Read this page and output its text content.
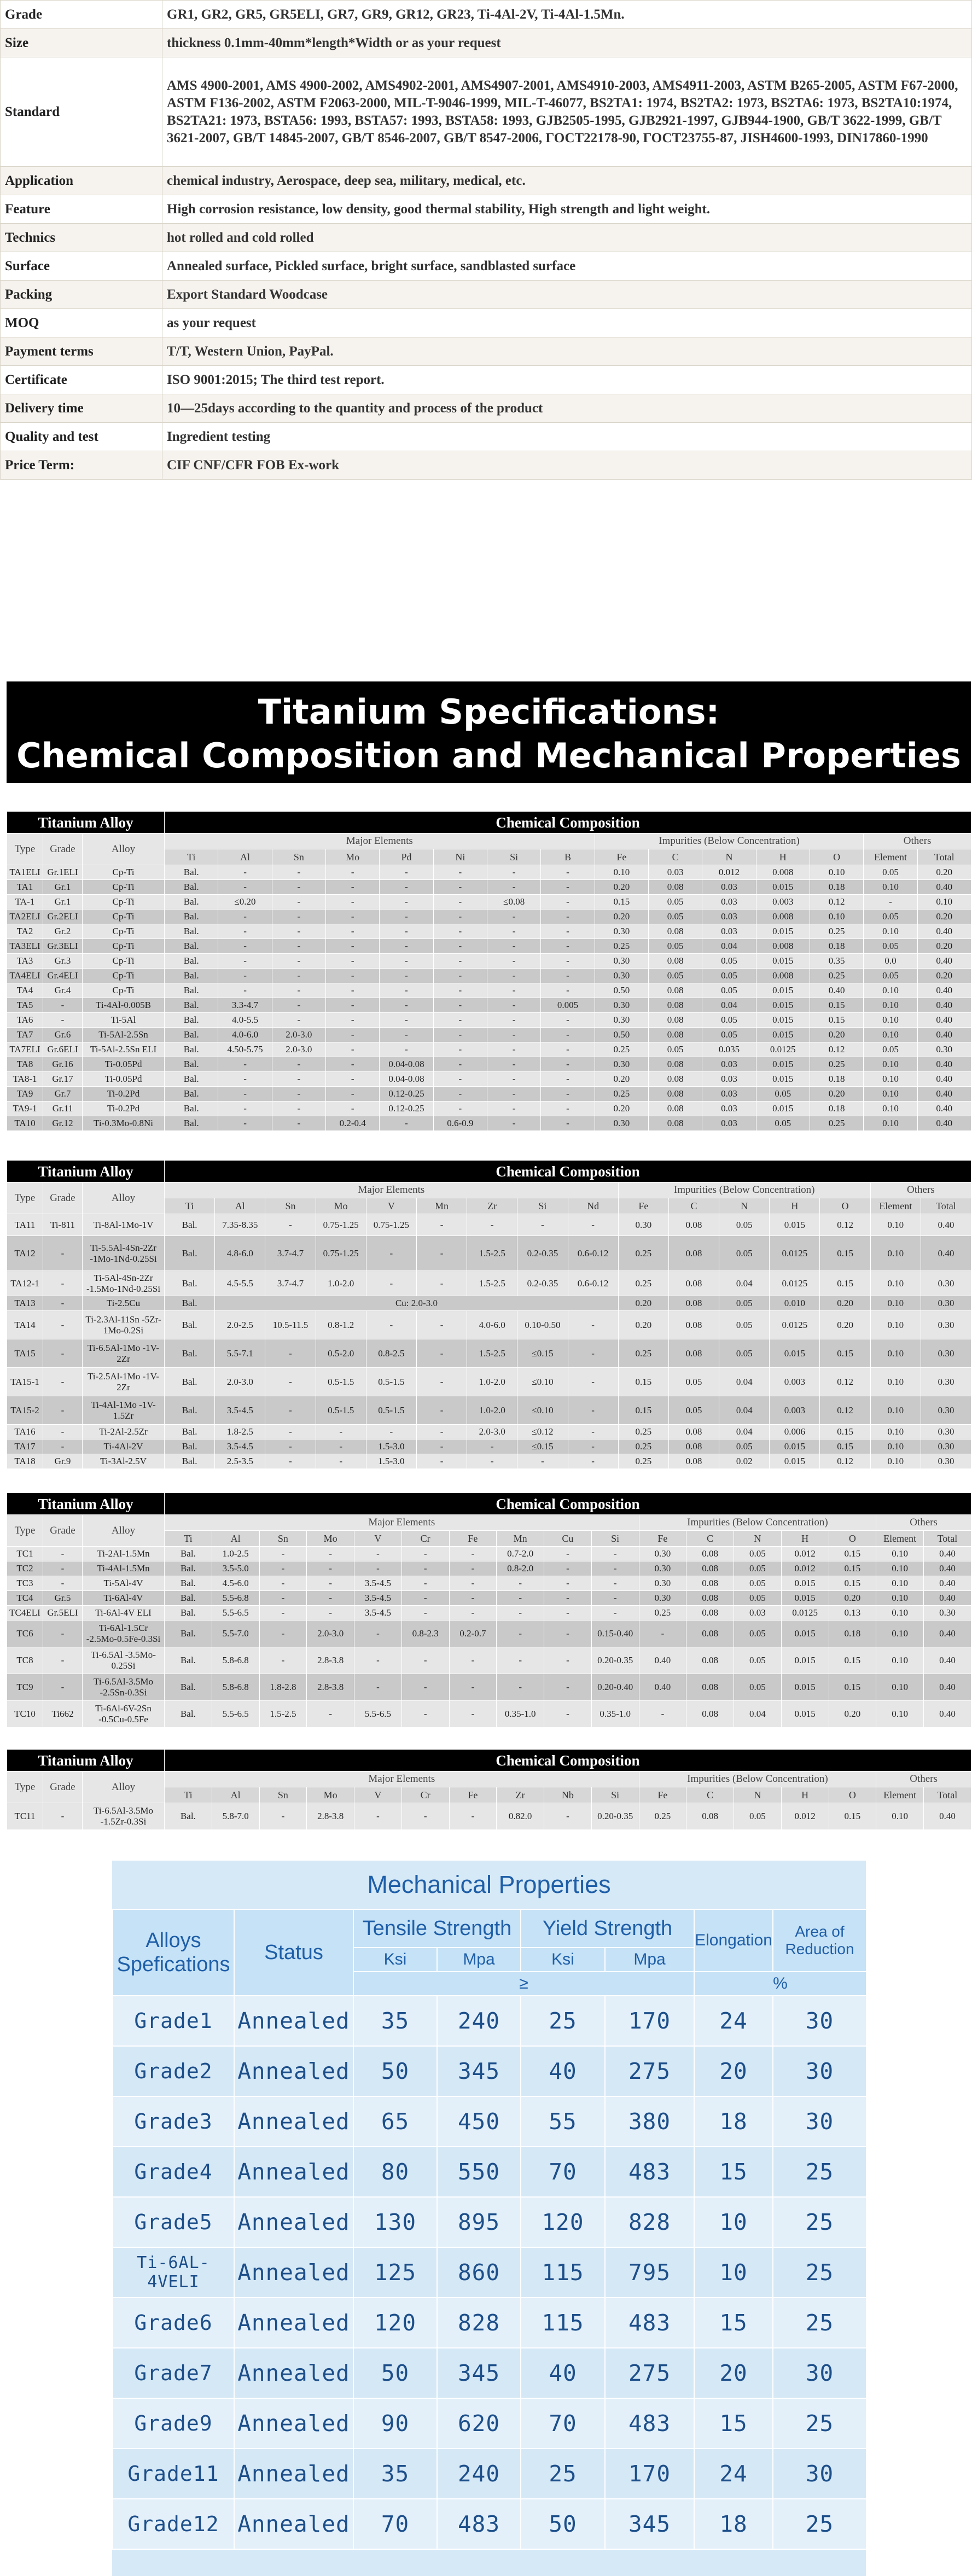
Grade	GR1, GR2, GR5, GR5ELI, GR7, GR9, GR12, GR23, Ti-4Al-2V, Ti-4Al-1.5Mn.
Size	thickness 0.1mm-40mm*length*Width or as your request
Standard	AMS 4900-2001, AMS 4900-2002, AMS4902-2001, AMS4907-2001, AMS4910-2003, AMS4911-2003, ASTM B265-2005, ASTM F67-2000, ASTM F136-2002, ASTM F2063-2000, MIL-T-9046-1999, MIL-T-46077, BS2TA1: 1974, BS2TA2: 1973, BS2TA6: 1973, BS2TA10:1974, BS2TA21: 1973, BSTA56: 1993, BSTA57: 1993, BSTA58: 1993, GJB2505-1995, GJB2921-1997, GJB944-1900, GB/T 3622-1999, GB/T 3621-2007, GB/T 14845-2007, GB/T 8546-2007, GB/T 8547-2006, ГОСТ22178-90, ГОСТ23755-87, JISH4600-1993, DIN17860-1990
Application	chemical industry, Aerospace, deep sea, military, medical, etc.
Feature	High corrosion resistance, low density, good thermal stability, High strength and light weight.
Technics	hot rolled and cold rolled
Surface	Annealed surface, Pickled surface, bright surface, sandblasted surface
Packing	Export Standard Woodcase
MOQ	as your request
Payment terms	T/T, Western Union, PayPal.
Certificate	ISO 9001:2015; The third test report.
Delivery time	10—25days according to the quantity and process of the product
Quality and test	Ingredient testing
Price Term:	CIF CNF/CFR FOB Ex-work
Titanium Specifications:
Chemical Composition and Mechanical Properties
Titanium Alloy			Chemical Composition														
Type	Grade	Alloy	Major Elements								Impurities (Below Concentration)					Others	
			Ti	Al	Sn	Mo	Pd	Ni	Si	B	Fe	C	N	H	O	Element	Total
TA1ELI	Gr.1ELI	Cp-Ti	Bal.	-	-	-	-	-	-	-	0.10	0.03	0.012	0.008	0.10	0.05	0.20
TA1	Gr.1	Cp-Ti	Bal.	-	-	-	-	-	-	-	0.20	0.08	0.03	0.015	0.18	0.10	0.40
TA-1	Gr.1	Cp-Ti	Bal.	≤0.20	-	-	-	-	≤0.08	-	0.15	0.05	0.03	0.003	0.12	-	0.10
TA2ELI	Gr.2ELI	Cp-Ti	Bal.	-	-	-	-	-	-	-	0.20	0.05	0.03	0.008	0.10	0.05	0.20
TA2	Gr.2	Cp-Ti	Bal.	-	-	-	-	-	-	-	0.30	0.08	0.03	0.015	0.25	0.10	0.40
TA3ELI	Gr.3ELI	Cp-Ti	Bal.	-	-	-	-	-	-	-	0.25	0.05	0.04	0.008	0.18	0.05	0.20
TA3	Gr.3	Cp-Ti	Bal.	-	-	-	-	-	-	-	0.30	0.08	0.05	0.015	0.35	0.0	0.40
TA4ELI	Gr.4ELI	Cp-Ti	Bal.	-	-	-	-	-	-	-	0.30	0.05	0.05	0.008	0.25	0.05	0.20
TA4	Gr.4	Cp-Ti	Bal.	-	-	-	-	-	-	-	0.50	0.08	0.05	0.015	0.40	0.10	0.40
TA5	-	Ti-4Al-0.005B	Bal.	3.3-4.7	-	-	-	-	-	0.005	0.30	0.08	0.04	0.015	0.15	0.10	0.40
TA6	-	Ti-5Al	Bal.	4.0-5.5	-	-	-	-	-	-	0.30	0.08	0.05	0.015	0.15	0.10	0.40
TA7	Gr.6	Ti-5Al-2.5Sn	Bal.	4.0-6.0	2.0-3.0	-	-	-	-	-	0.50	0.08	0.05	0.015	0.20	0.10	0.40
TA7ELI	Gr.6ELI	Ti-5Al-2.5Sn ELI	Bal.	4.50-5.75	2.0-3.0	-	-	-	-	-	0.25	0.05	0.035	0.0125	0.12	0.05	0.30
TA8	Gr.16	Ti-0.05Pd	Bal.	-	-	-	0.04-0.08	-	-	-	0.30	0.08	0.03	0.015	0.25	0.10	0.40
TA8-1	Gr.17	Ti-0.05Pd	Bal.	-	-	-	0.04-0.08	-	-	-	0.20	0.08	0.03	0.015	0.18	0.10	0.40
TA9	Gr.7	Ti-0.2Pd	Bal.	-	-	-	0.12-0.25	-	-	-	0.25	0.08	0.03	0.05	0.20	0.10	0.40
TA9-1	Gr.11	Ti-0.2Pd	Bal.	-	-	-	0.12-0.25	-	-	-	0.20	0.08	0.03	0.015	0.18	0.10	0.40
TA10	Gr.12	Ti-0.3Mo-0.8Ni	Bal.	-	-	0.2-0.4	-	0.6-0.9	-	-	0.30	0.08	0.03	0.05	0.25	0.10	0.40
Titanium Alloy			Chemical Composition															
Type	Grade	Alloy	Major Elements									Impurities (Below Concentration)					Others	
			Ti	Al	Sn	Mo	V	Mn	Zr	Si	Nd	Fe	C	N	H	O	Element	Total
TA11	Ti-811	Ti-8Al-1Mo-1V	Bal.	7.35-8.35	-	0.75-1.25	0.75-1.25	-	-	-	-	0.30	0.08	0.05	0.015	0.12	0.10	0.40
TA12	-	Ti-5.5Al-4Sn-2Zr -1Mo-1Nd-0.25Si	Bal.	4.8-6.0	3.7-4.7	0.75-1.25	-	-	1.5-2.5	0.2-0.35	0.6-0.12	0.25	0.08	0.05	0.0125	0.15	0.10	0.40
TA12-1	-	Ti-5Al-4Sn-2Zr -1.5Mo-1Nd-0.25Si	Bal.	4.5-5.5	3.7-4.7	1.0-2.0	-	-	1.5-2.5	0.2-0.35	0.6-0.12	0.25	0.08	0.04	0.0125	0.15	0.10	0.30
TA13	-	Ti-2.5Cu	Bal.	Cu: 2.0-3.0								0.20	0.08	0.05	0.010	0.20	0.10	0.30
TA14	-	Ti-2.3Al-11Sn -5Zr-1Mo-0.2Si	Bal.	2.0-2.5	10.5-11.5	0.8-1.2	-	-	4.0-6.0	0.10-0.50	-	0.20	0.08	0.05	0.0125	0.20	0.10	0.30
TA15	-	Ti-6.5Al-1Mo -1V-2Zr	Bal.	5.5-7.1	-	0.5-2.0	0.8-2.5	-	1.5-2.5	≤0.15	-	0.25	0.08	0.05	0.015	0.15	0.10	0.30
TA15-1	-	Ti-2.5Al-1Mo -1V-2Zr	Bal.	2.0-3.0	-	0.5-1.5	0.5-1.5	-	1.0-2.0	≤0.10	-	0.15	0.05	0.04	0.003	0.12	0.10	0.30
TA15-2	-	Ti-4Al-1Mo -1V-1.5Zr	Bal.	3.5-4.5	-	0.5-1.5	0.5-1.5	-	1.0-2.0	≤0.10	-	0.15	0.05	0.04	0.003	0.12	0.10	0.30
TA16	-	Ti-2Al-2.5Zr	Bal.	1.8-2.5	-	-	-	-	2.0-3.0	≤0.12	-	0.25	0.08	0.04	0.006	0.15	0.10	0.30
TA17	-	Ti-4Al-2V	Bal.	3.5-4.5	-	-	1.5-3.0	-	-	≤0.15	-	0.25	0.08	0.05	0.015	0.15	0.10	0.30
TA18	Gr.9	Ti-3Al-2.5V	Bal.	2.5-3.5	-	-	1.5-3.0	-	-	-	-	0.25	0.08	0.02	0.015	0.12	0.10	0.30
Titanium Alloy			Chemical Composition																
Type	Grade	Alloy	Major Elements										Impurities (Below Concentration)					Others	
			Ti	Al	Sn	Mo	V	Cr	Fe	Mn	Cu	Si	Fe	C	N	H	O	Element	Total
TC1	-	Ti-2Al-1.5Mn	Bal.	1.0-2.5	-	-	-	-	-	0.7-2.0	-	-	0.30	0.08	0.05	0.012	0.15	0.10	0.40
TC2	-	Ti-4Al-1.5Mn	Bal.	3.5-5.0	-	-	-	-	-	0.8-2.0	-	-	0.30	0.08	0.05	0.012	0.15	0.10	0.40
TC3	-	Ti-5Al-4V	Bal.	4.5-6.0	-	-	3.5-4.5	-	-	-	-	-	0.30	0.08	0.05	0.015	0.15	0.10	0.40
TC4	Gr.5	Ti-6Al-4V	Bal.	5.5-6.8	-	-	3.5-4.5	-	-	-	-	-	0.30	0.08	0.05	0.015	0.20	0.10	0.40
TC4ELI	Gr.5ELI	Ti-6Al-4V ELI	Bal.	5.5-6.5	-	-	3.5-4.5	-	-	-	-	-	0.25	0.08	0.03	0.0125	0.13	0.10	0.30
TC6	-	Ti-6Al-1.5Cr -2.5Mo-0.5Fe-0.3Si	Bal.	5.5-7.0	-	2.0-3.0	-	0.8-2.3	0.2-0.7	-	-	0.15-0.40	-	0.08	0.05	0.015	0.18	0.10	0.40
TC8	-	Ti-6.5Al -3.5Mo-0.25Si	Bal.	5.8-6.8	-	2.8-3.8	-	-	-	-	-	0.20-0.35	0.40	0.08	0.05	0.015	0.15	0.10	0.40
TC9	-	Ti-6.5Al-3.5Mo -2.5Sn-0.3Si	Bal.	5.8-6.8	1.8-2.8	2.8-3.8	-	-	-	-	-	0.20-0.40	0.40	0.08	0.05	0.015	0.15	0.10	0.40
TC10	Ti662	Ti-6Al-6V-2Sn -0.5Cu-0.5Fe	Bal.	5.5-6.5	1.5-2.5	-	5.5-6.5	-	-	0.35-1.0	-	0.35-1.0	-	0.08	0.04	0.015	0.20	0.10	0.40
Titanium Alloy			Chemical Composition																
Type	Grade	Alloy	Major Elements										Impurities (Below Concentration)					Others	
			Ti	Al	Sn	Mo	V	Cr	Fe	Zr	Nb	Si	Fe	C	N	H	O	Element	Total
TC11	-	Ti-6.5Al-3.5Mo -1.5Zr-0.3Si	Bal.	5.8-7.0	-	2.8-3.8	-	-	-	0.82.0	-	0.20-0.35	0.25	0.08	0.05	0.012	0.15	0.10	0.40
Mechanical Properties
Alloys Spefications	Status	Tensile Strength		Yield Strength		Elongation	Area of Reduction
		Ksi	Mpa	Ksi	Mpa		
		≥				%	
Grade1	Annealed	35	240	25	170	24	30
Grade2	Annealed	50	345	40	275	20	30
Grade3	Annealed	65	450	55	380	18	30
Grade4	Annealed	80	550	70	483	15	25
Grade5	Annealed	130	895	120	828	10	25
Ti-6AL-4VELI	Annealed	125	860	115	795	10	25
Grade6	Annealed	120	828	115	483	15	25
Grade7	Annealed	50	345	40	275	20	30
Grade9	Annealed	90	620	70	483	15	25
Grade11	Annealed	35	240	25	170	24	30
Grade12	Annealed	70	483	50	345	18	25
